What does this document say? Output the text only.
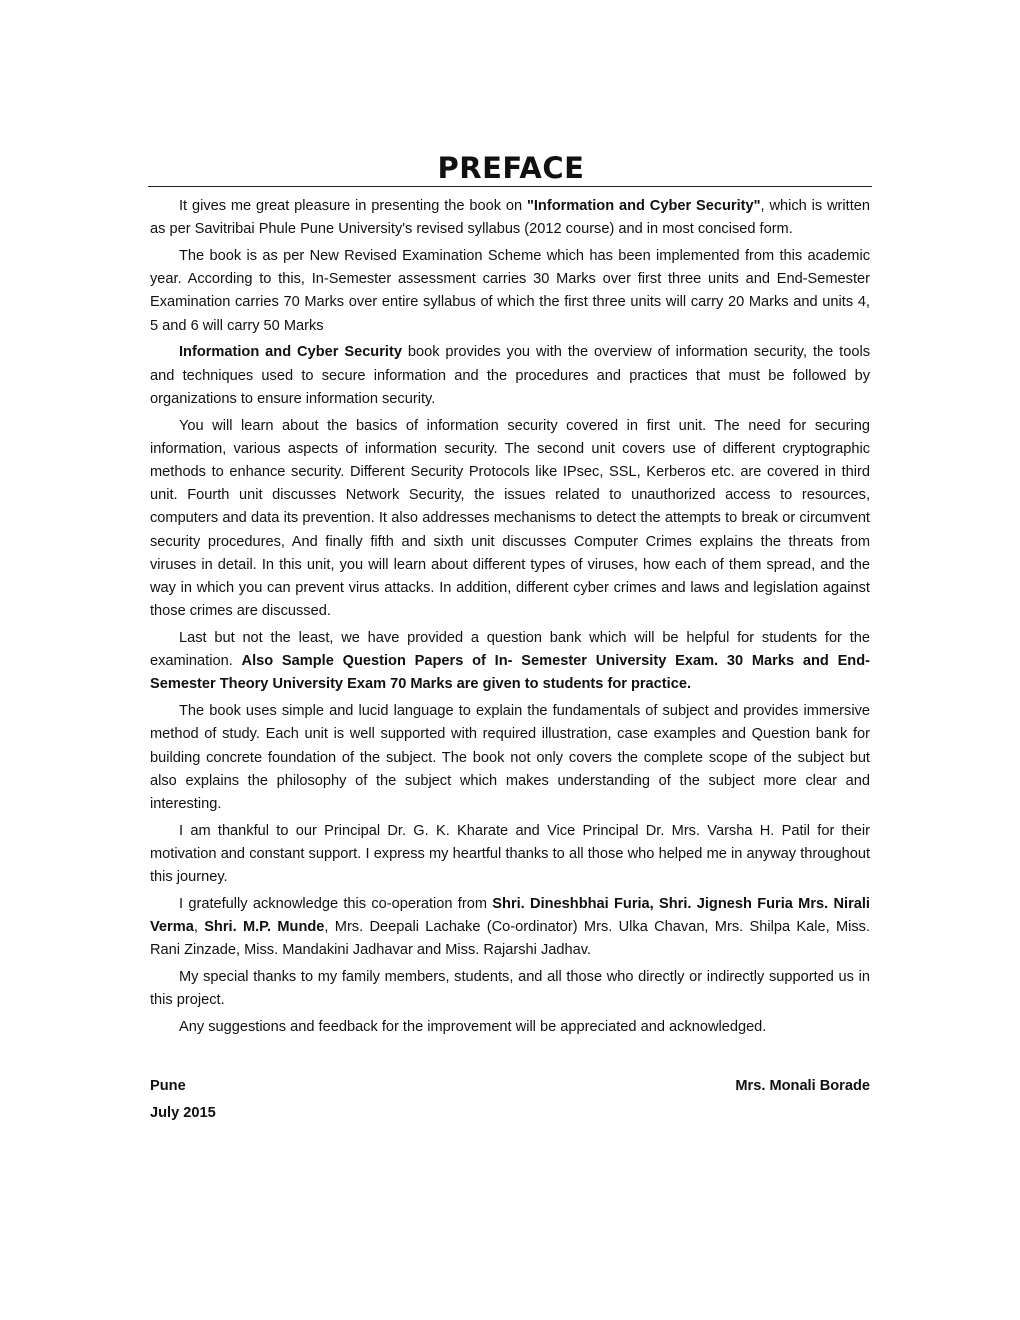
PREFACE

It gives me great pleasure in presenting the book on "Information and Cyber Security", which is written as per Savitribai Phule Pune University's revised syllabus (2012 course) and in most concised form.

The book is as per New Revised Examination Scheme which has been implemented from this academic year. According to this, In-Semester assessment carries 30 Marks over first three units and End-Semester Examination carries 70 Marks over entire syllabus of which the first three units will carry 20 Marks and units 4, 5 and 6 will carry 50 Marks

Information and Cyber Security book provides you with the overview of information security, the tools and techniques used to secure information and the procedures and practices that must be followed by organizations to ensure information security.

You will learn about the basics of information security covered in first unit. The need for securing information, various aspects of information security. The second unit covers use of different cryptographic methods to enhance security. Different Security Protocols like IPsec, SSL, Kerberos etc. are covered in third unit. Fourth unit discusses Network Security, the issues related to unauthorized access to resources, computers and data its prevention. It also addresses mechanisms to detect the attempts to break or circumvent security procedures, And finally fifth and sixth unit discusses Computer Crimes explains the threats from viruses in detail. In this unit, you will learn about different types of viruses, how each of them spread, and the way in which you can prevent virus attacks. In addition, different cyber crimes and laws and legislation against those crimes are discussed.

Last but not the least, we have provided a question bank which will be helpful for students for the examination. Also Sample Question Papers of In- Semester University Exam. 30 Marks and End-Semester Theory University Exam 70 Marks are given to students for practice.

The book uses simple and lucid language to explain the fundamentals of subject and provides immersive method of study. Each unit is well supported with required illustration, case examples and Question bank for building concrete foundation of the subject. The book not only covers the complete scope of the subject but also explains the philosophy of the subject which makes understanding of the subject more clear and interesting.

I am thankful to our Principal Dr. G. K. Kharate and Vice Principal Dr. Mrs. Varsha H. Patil for their motivation and constant support. I express my heartful thanks to all those who helped me in anyway throughout this journey.

I gratefully acknowledge this co-operation from Shri. Dineshbhai Furia, Shri. Jignesh Furia Mrs. Nirali Verma, Shri. M.P. Munde, Mrs. Deepali Lachake (Co-ordinator) Mrs. Ulka Chavan, Mrs. Shilpa Kale, Miss. Rani Zinzade, Miss. Mandakini Jadhavar and Miss. Rajarshi Jadhav.

My special thanks to my family members, students, and all those who directly or indirectly supported us in this project.

Any suggestions and feedback for the improvement will be appreciated and acknowledged.

Pune	Mrs. Monali Borade
July 2015
